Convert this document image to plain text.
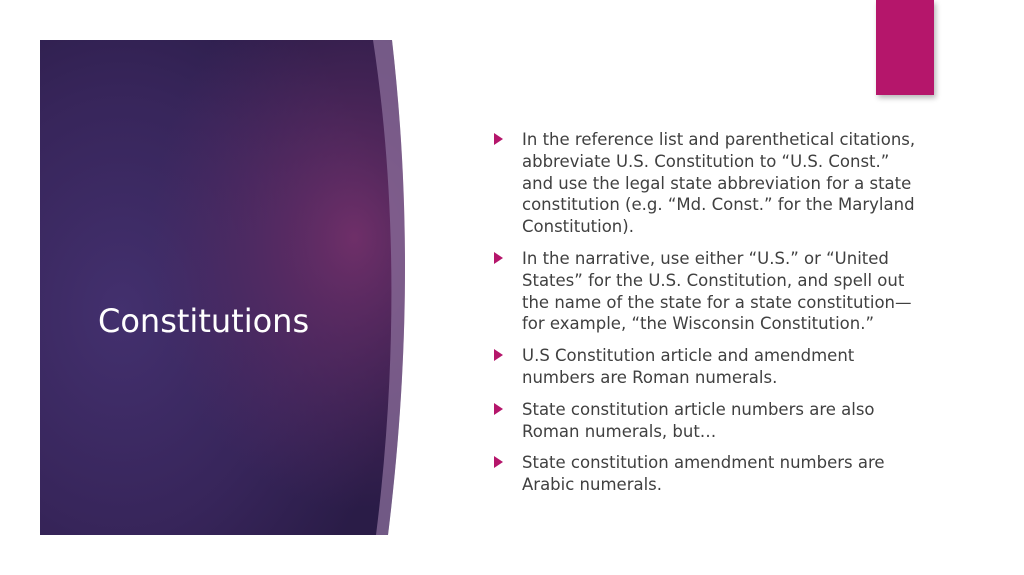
Constitutions
In the reference list and parenthetical citations, abbreviate U.S. Constitution to “U.S. Const.” and use the legal state abbreviation for a state constitution (e.g. “Md. Const.” for the Maryland Constitution).
In the narrative, use either “U.S.” or “United States” for the U.S. Constitution, and spell out the name of the state for a state constitution—for example, “the Wisconsin Constitution.”
U.S Constitution article and amendment numbers are Roman numerals.
State constitution article numbers are also Roman numerals, but…
State constitution amendment numbers are Arabic numerals.
